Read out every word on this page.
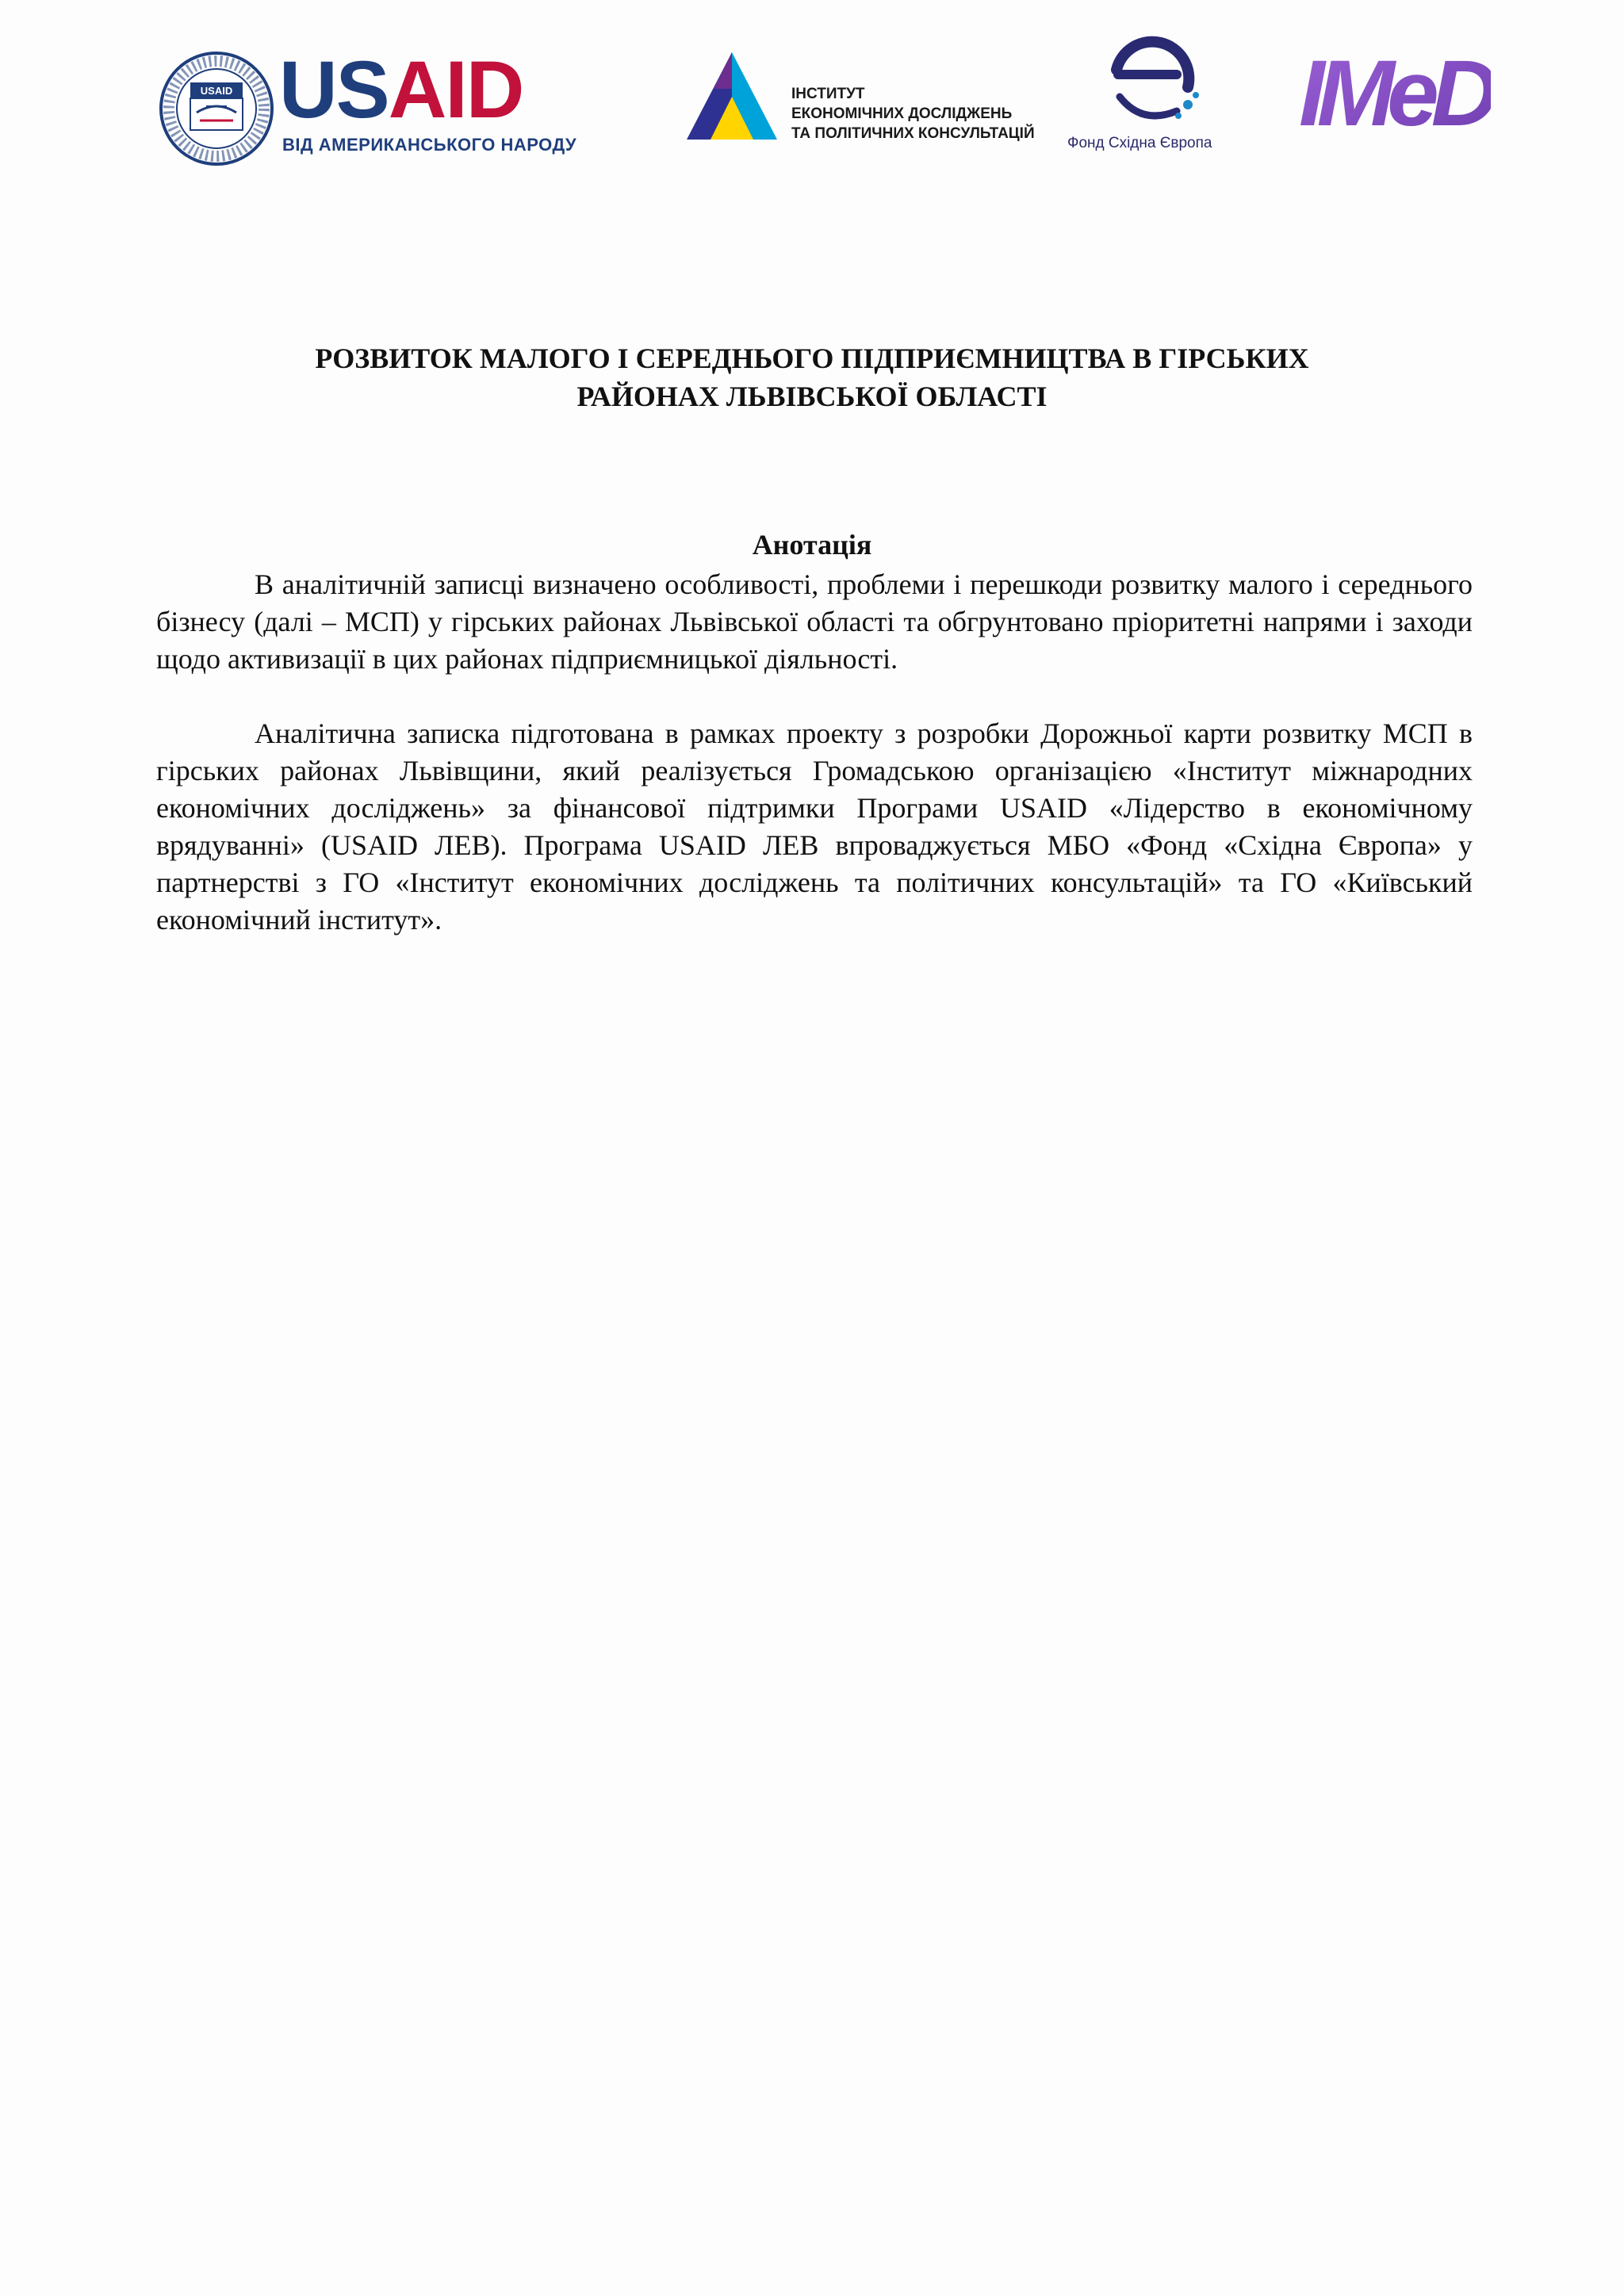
USAID USAID
ВІД АМЕРИКАНСЬКОГО НАРОДУ
ІНСТИТУТ
ЕКОНОМІЧНИХ ДОСЛІДЖЕНЬ
ТА ПОЛІТИЧНИХ КОНСУЛЬТАЦІЙ
Фонд Східна Європа IMeD
РОЗВИТОК МАЛОГО І СЕРЕДНЬОГО ПІДПРИЄМНИЦТВА В ГІРСЬКИХ
РАЙОНАХ ЛЬВІВСЬКОЇ ОБЛАСТІ
Анотація

В аналітичній записці визначено особливості, проблеми і перешкоди розвитку малого і середнього бізнесу (далі – МСП) у гірських районах Львівської області та обгрунтовано пріоритетні напрями і заходи щодо активизації в цих районах підприємницької діяльності.

Аналітична записка підготована в рамках проекту з розробки Дорожньої карти розвитку МСП в гірських районах Львівщини, який реалізується Громадською організацією «Інститут міжнародних економічних досліджень» за фінансової підтримки Програми USAID «Лідерство в економічному врядуванні» (USAID ЛЕВ). Програма USAID ЛЕВ впроваджується МБО «Фонд «Східна Європа» у партнерстві з ГО «Інститут економічних досліджень та політичних консультацій» та ГО «Київський економічний інститут».
